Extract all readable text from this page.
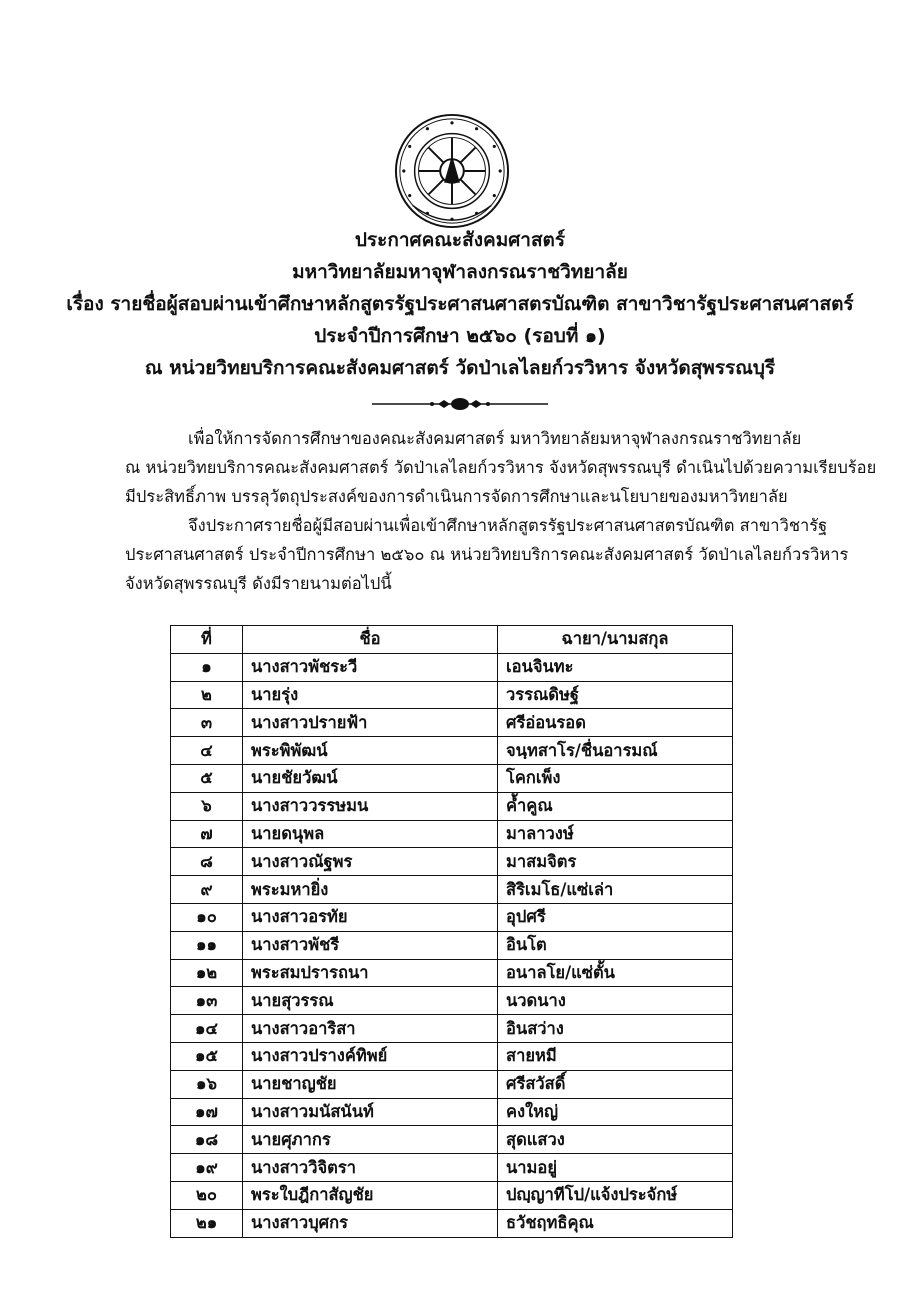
ประกาศคณะสังคมศาสตร์
มหาวิทยาลัยมหาจุฬาลงกรณราชวิทยาลัย
เรื่อง รายชื่อผู้สอบผ่านเข้าศึกษาหลักสูตรรัฐประศาสนศาสตรบัณฑิต สาขาวิชารัฐประศาสนศาสตร์
ประจำปีการศึกษา ๒๕๖๐ (รอบที่ ๑)
ณ หน่วยวิทยบริการคณะสังคมศาสตร์ วัดป่าเลไลยก์วรวิหาร จังหวัดสุพรรณบุรี
เพื่อให้การจัดการศึกษาของคณะสังคมศาสตร์ มหาวิทยาลัยมหาจุฬาลงกรณราชวิทยาลัย
ณ หน่วยวิทยบริการคณะสังคมศาสตร์ วัดป่าเลไลยก์วรวิหาร จังหวัดสุพรรณบุรี ดำเนินไปด้วยความเรียบร้อย
มีประสิทธิ์ภาพ บรรลุวัตถุประสงค์ของการดำเนินการจัดการศึกษาและนโยบายของมหาวิทยาลัย
จึงประกาศรายชื่อผู้มีสอบผ่านเพื่อเข้าศึกษาหลักสูตรรัฐประศาสนศาสตรบัณฑิต สาขาวิชารัฐ
ประศาสนศาสตร์ ประจำปีการศึกษา ๒๕๖๐ ณ หน่วยวิทยบริการคณะสังคมศาสตร์ วัดป่าเลไลยก์วรวิหาร
จังหวัดสุพรรณบุรี ดังมีรายนามต่อไปนี้
ที่	ชื่อ	ฉายา/นามสกุล
๑	นางสาวพัชระวี	เอนจินทะ
๒	นายรุ่ง	วรรณดิษฐ์
๓	นางสาวปรายฟ้า	ศรีอ่อนรอด
๔	พระพิพัฒน์	จนฺทสาโร/ชื่นอารมณ์
๕	นายชัยวัฒน์	โคกเพ็ง
๖	นางสาววรรษมน	ค้ำคูณ
๗	นายดนุพล	มาลาวงษ์
๘	นางสาวณัฐพร	มาสมจิตร
๙	พระมหายิ่ง	สิริเมโธ/แซ่เล่า
๑๐	นางสาวอรทัย	อุปศรี
๑๑	นางสาวพัชรี	อินโต
๑๒	พระสมปรารถนา	อนาลโย/แซ่ตั้น
๑๓	นายสุวรรณ	นวดนาง
๑๔	นางสาวอาริสา	อินสว่าง
๑๕	นางสาวปรางค์ทิพย์	สายหมี
๑๖	นายชาญชัย	ศรีสวัสดิ์
๑๗	นางสาวมนัสนันท์	คงใหญ่
๑๘	นายศุภากร	สุดแสวง
๑๙	นางสาววิจิตรา	นามอยู่
๒๐	พระใบฎีกาสัญชัย	ปญฺญาทีโป/แจ้งประจักษ์
๒๑	นางสาวบุศกร	ธวัชฤทธิคุณ
